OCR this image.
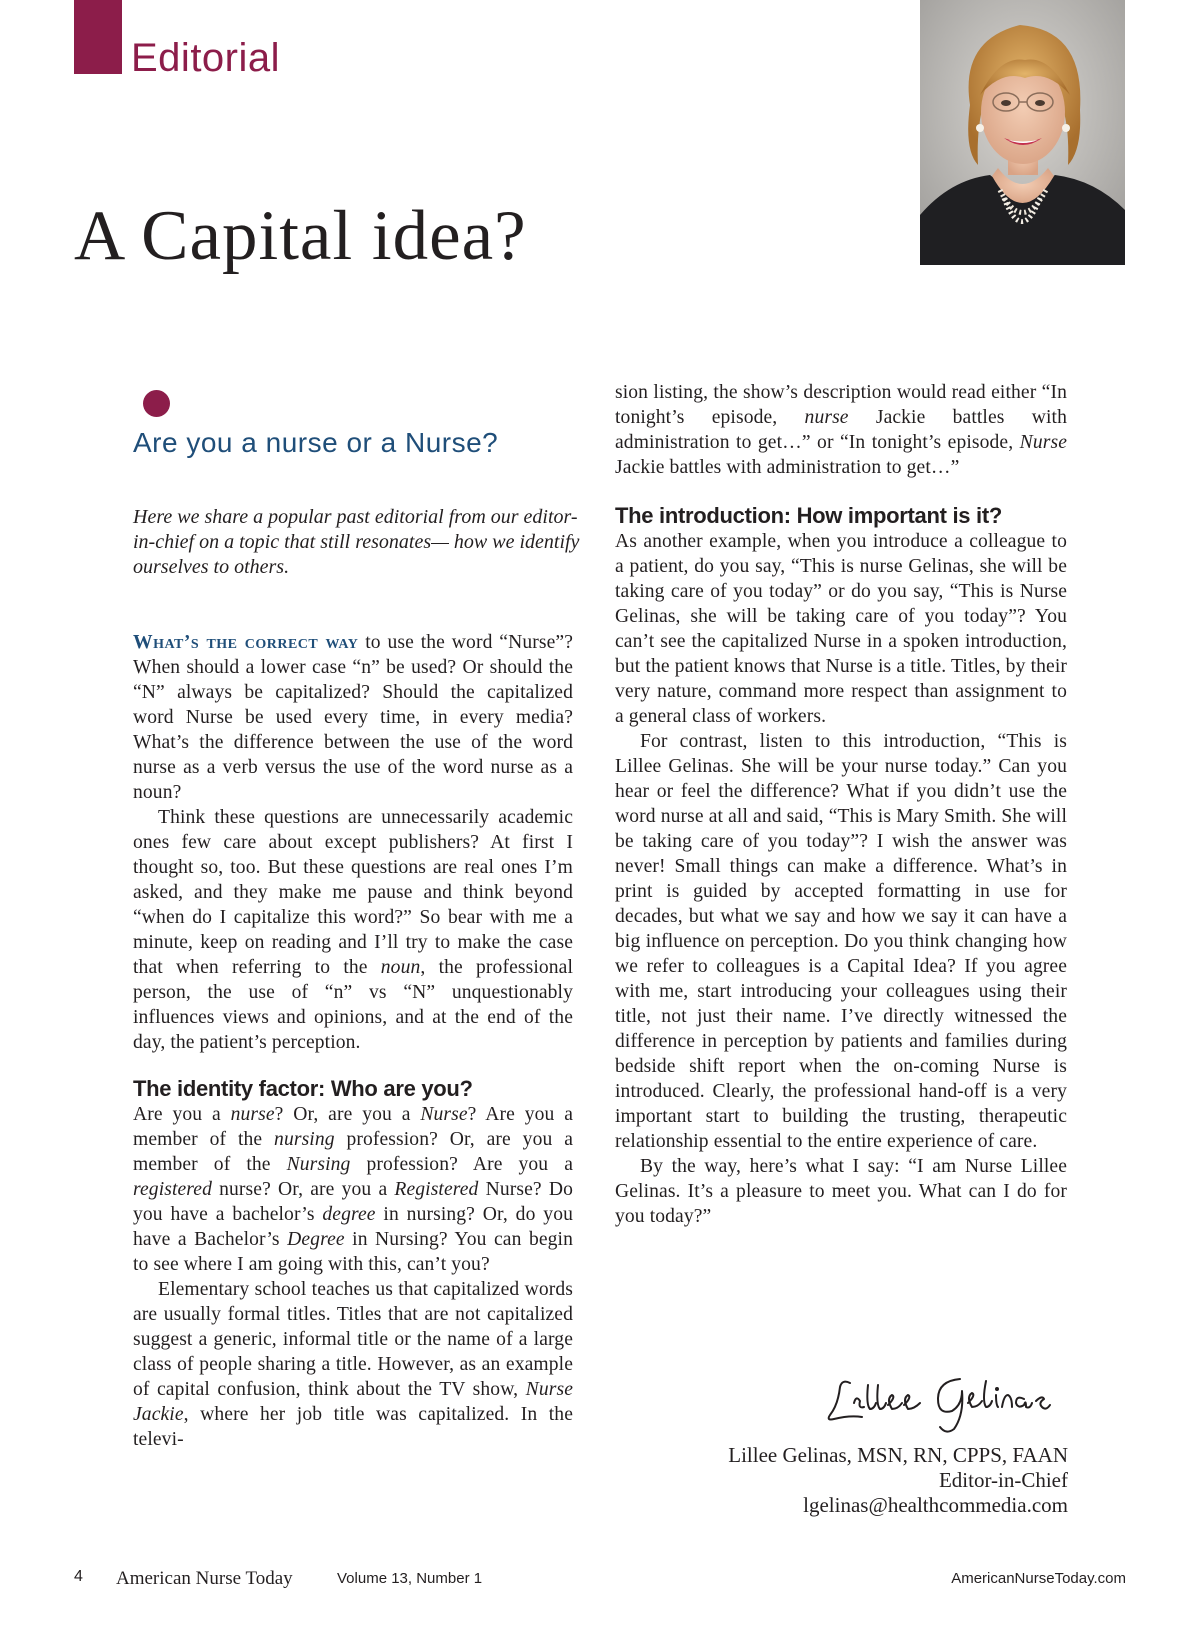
Editorial
A Capital idea?
Are you a nurse or a Nurse?
Here we share a popular past editorial from our editor-in-chief on a topic that still resonates— how we identify ourselves to others.

What’s the correct way to use the word “Nurse”? When should a lower case “n” be used? Or should the “N” always be capitalized? Should the capitalized word Nurse be used every time, in every media? What’s the difference between the use of the word nurse as a verb versus the use of the word nurse as a noun?

Think these questions are unnecessarily academic ones few care about except publishers? At first I thought so, too. But these questions are real ones I’m asked, and they make me pause and think beyond “when do I capitalize this word?” So bear with me a minute, keep on reading and I’ll try to make the case that when referring to the noun, the professional person, the use of “n” vs “N” unquestionably influences views and opinions, and at the end of the day, the patient’s perception.

The identity factor: Who are you?

Are you a nurse? Or, are you a Nurse? Are you a member of the nursing profession? Or, are you a member of the Nursing profession? Are you a registered nurse? Or, are you a Registered Nurse? Do you have a bachelor’s degree in nursing? Or, do you have a Bachelor’s Degree in Nursing? You can begin to see where I am going with this, can’t you?

Elementary school teaches us that capitalized words are usually formal titles. Titles that are not capitalized suggest a generic, informal title or the name of a large class of people sharing a title. However, as an example of capital confusion, think about the TV show, Nurse Jackie, where her job title was capitalized. In the televi-

sion listing, the show’s description would read either “In tonight’s episode, nurse Jackie battles with administration to get…” or “In tonight’s episode, Nurse Jackie battles with administration to get…”

The introduction: How important is it?

As another example, when you introduce a colleague to a patient, do you say, “This is nurse Gelinas, she will be taking care of you today” or do you say, “This is Nurse Gelinas, she will be taking care of you today”? You can’t see the capitalized Nurse in a spoken introduction, but the patient knows that Nurse is a title. Titles, by their very nature, command more respect than assignment to a general class of workers.

For contrast, listen to this introduction, “This is Lillee Gelinas. She will be your nurse today.” Can you hear or feel the difference? What if you didn’t use the word nurse at all and said, “This is Mary Smith. She will be taking care of you today”? I wish the answer was never! Small things can make a difference. What’s in print is guided by accepted formatting in use for decades, but what we say and how we say it can have a big influence on perception. Do you think changing how we refer to colleagues is a Capital Idea? If you agree with me, start introducing your colleagues using their title, not just their name. I’ve directly witnessed the difference in perception by patients and families during bedside shift report when the on-coming Nurse is introduced. Clearly, the professional hand-off is a very important start to building the trusting, therapeutic relationship essential to the entire experience of care.

By the way, here’s what I say: “I am Nurse Lillee Gelinas. It’s a pleasure to meet you. What can I do for you today?”

Lillee Gelinas, MSN, RN, CPPS, FAAN
Editor-in-Chief
lgelinas@healthcommedia.com
4 American Nurse Today	Volume 13, Number 1	AmericanNurseToday.com
